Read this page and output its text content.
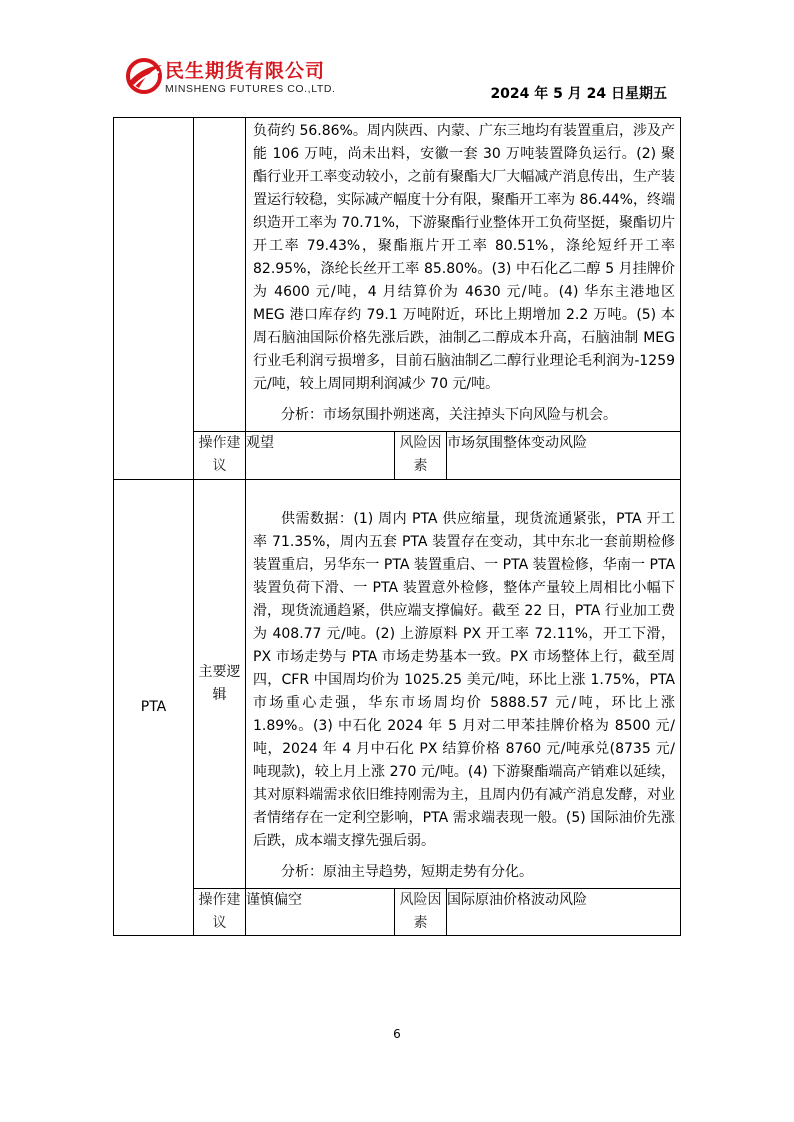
民生期货有限公司
MINSHENG FUTURES CO.,LTD.	2024 年 5 月 24 日星期五

		负荷约 56.86%。周内陕西、内蒙、广东三地均有装置重启，涉及产能 106 万吨，尚未出料，安徽一套 30 万吨装置降负运行。(2) 聚酯行业开工率变动较小，之前有聚酯大厂大幅减产消息传出，生产装置运行较稳，实际减产幅度十分有限，聚酯开工率为 86.44%，终端织造开工率为 70.71%，下游聚酯行业整体开工负荷坚挺，聚酯切片开工率 79.43%，聚酯瓶片开工率 80.51%，涤纶短纤开工率 82.95%，涤纶长丝开工率 85.80%。(3) 中石化乙二醇 5 月挂牌价为 4600 元/吨，4 月结算价为 4630 元/吨。(4) 华东主港地区 MEG 港口库存约 79.1 万吨附近，环比上期增加 2.2 万吨。(5) 本周石脑油国际价格先涨后跌，油制乙二醇成本升高，石脑油制 MEG 行业毛利润亏损增多，目前石脑油制乙二醇行业理论毛利润为-1259 元/吨，较上周同期利润减少 70 元/吨。

分析：市场氛围扑朔迷离，关注掉头下向风险与机会。		

	操作建议	观望	风险因素	市场氛围整体变动风险
PTA	主要逻辑	供需数据：(1) 周内 PTA 供应缩量，现货流通紧张，PTA 开工率 71.35%，周内五套 PTA 装置存在变动，其中东北一套前期检修装置重启，另华东一 PTA 装置重启、一 PTA 装置检修，华南一 PTA 装置负荷下滑、一 PTA 装置意外检修，整体产量较上周相比小幅下滑，现货流通趋紧，供应端支撑偏好。截至 22 日，PTA 行业加工费为 408.77 元/吨。(2) 上游原料 PX 开工率 72.11%，开工下滑，PX 市场走势与 PTA 市场走势基本一致。PX 市场整体上行，截至周四，CFR 中国周均价为 1025.25 美元/吨，环比上涨 1.75%，PTA 市场重心走强，华东市场周均价 5888.57 元/吨，环比上涨 1.89%。(3) 中石化 2024 年 5 月对二甲苯挂牌价格为 8500 元/吨，2024 年 4 月中石化 PX 结算价格 8760 元/吨承兑(8735 元/吨现款)，较上月上涨 270 元/吨。(4) 下游聚酯端高产销难以延续，其对原料端需求依旧维持刚需为主，且周内仍有减产消息发酵，对业者情绪存在一定利空影响，PTA 需求端表现一般。(5) 国际油价先涨后跌，成本端支撑先强后弱。

分析：原油主导趋势，短期走势有分化。		

	操作建议	谨慎偏空	风险因素	国际原油价格波动风险
6
